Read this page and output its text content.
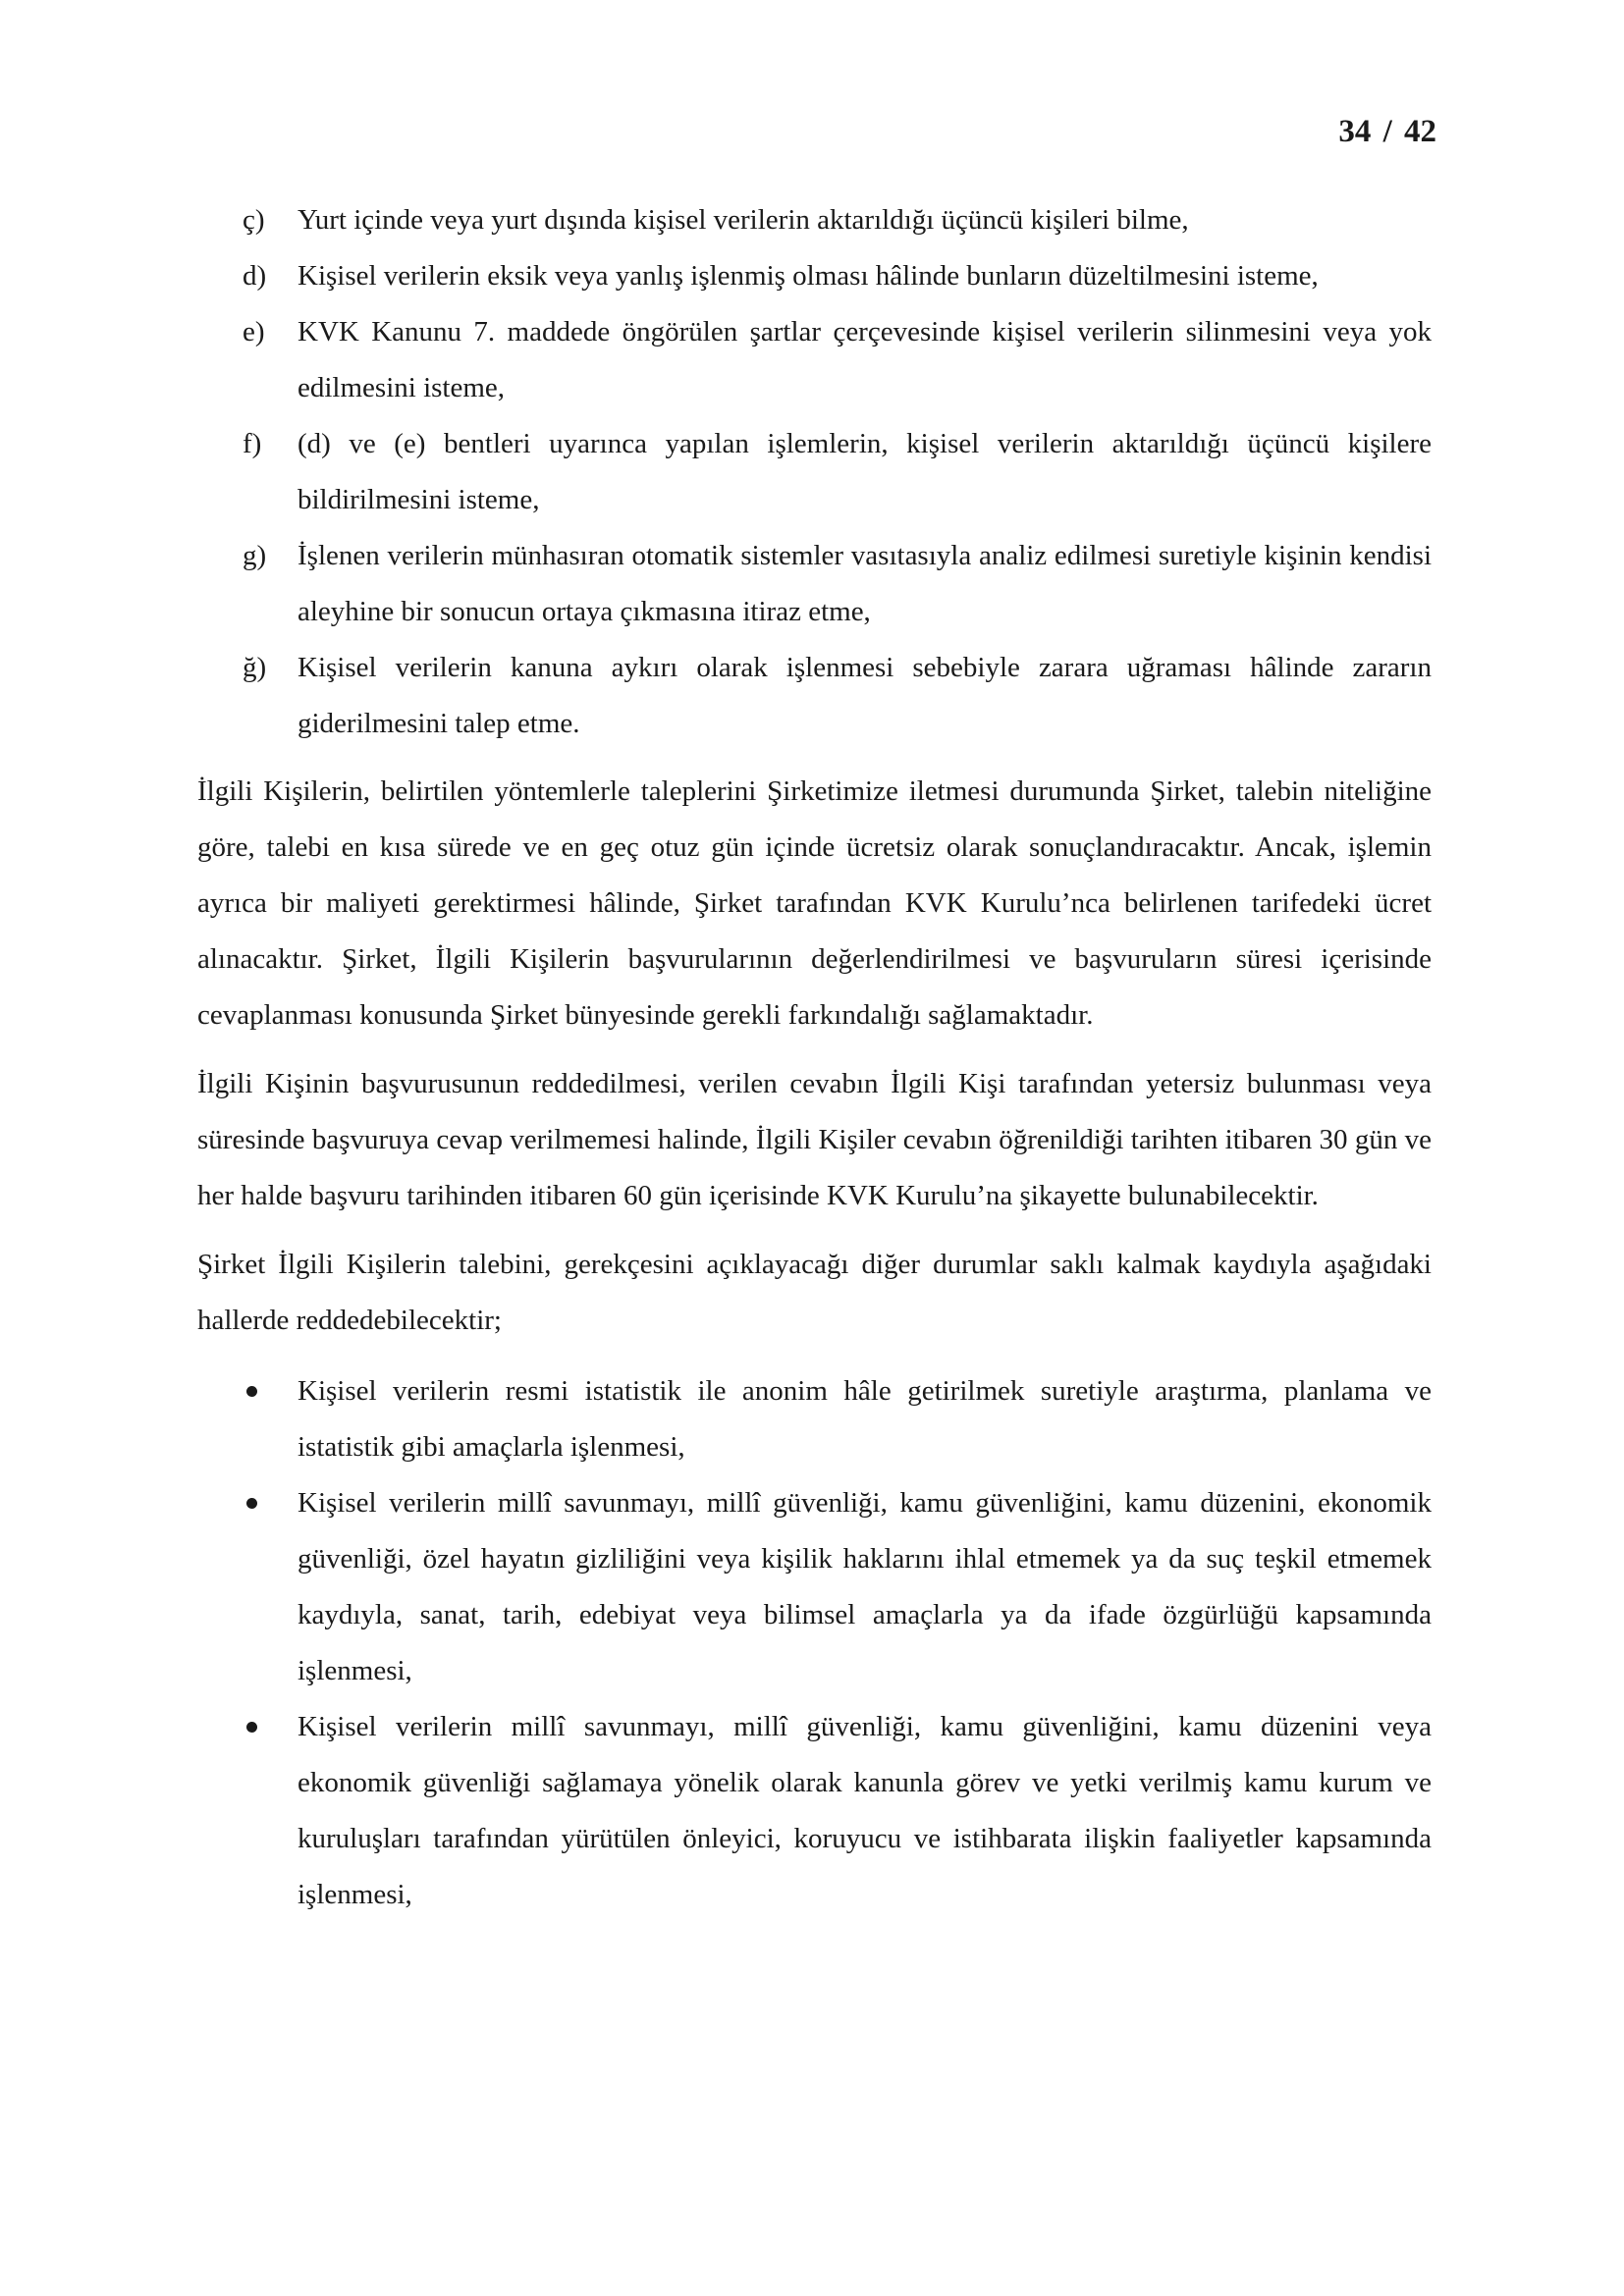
34 / 42
ç)	Yurt içinde veya yurt dışında kişisel verilerin aktarıldığı üçüncü kişileri bilme,
d)	Kişisel verilerin eksik veya yanlış işlenmiş olması hâlinde bunların düzeltilmesini isteme,
e)	KVK Kanunu 7. maddede öngörülen şartlar çerçevesinde kişisel verilerin silinmesini veya yok edilmesini isteme,
f)	(d) ve (e) bentleri uyarınca yapılan işlemlerin, kişisel verilerin aktarıldığı üçüncü kişilere bildirilmesini isteme,
g)	İşlenen verilerin münhasıran otomatik sistemler vasıtasıyla analiz edilmesi suretiyle kişinin kendisi aleyhine bir sonucun ortaya çıkmasına itiraz etme,
ğ)	Kişisel verilerin kanuna aykırı olarak işlenmesi sebebiyle zarara uğraması hâlinde zararın giderilmesini talep etme.

İlgili Kişilerin, belirtilen yöntemlerle taleplerini Şirketimize iletmesi durumunda Şirket, talebin niteliğine göre, talebi en kısa sürede ve en geç otuz gün içinde ücretsiz olarak sonuçlandıracaktır. Ancak, işlemin ayrıca bir maliyeti gerektirmesi hâlinde, Şirket tarafından KVK Kurulu’nca belirlenen tarifedeki ücret alınacaktır. Şirket, İlgili Kişilerin başvurularının değerlendirilmesi ve başvuruların süresi içerisinde cevaplanması konusunda Şirket bünyesinde gerekli farkındalığı sağlamaktadır.

İlgili Kişinin başvurusunun reddedilmesi, verilen cevabın İlgili Kişi tarafından yetersiz bulunması veya süresinde başvuruya cevap verilmemesi halinde, İlgili Kişiler cevabın öğrenildiği tarihten itibaren 30 gün ve her halde başvuru tarihinden itibaren 60 gün içerisinde KVK Kurulu’na şikayette bulunabilecektir.

Şirket İlgili Kişilerin talebini, gerekçesini açıklayacağı diğer durumlar saklı kalmak kaydıyla aşağıdaki hallerde reddedebilecektir;

Kişisel verilerin resmi istatistik ile anonim hâle getirilmek suretiyle araştırma, planlama ve istatistik gibi amaçlarla işlenmesi,
Kişisel verilerin millî savunmayı, millî güvenliği, kamu güvenliğini, kamu düzenini, ekonomik güvenliği, özel hayatın gizliliğini veya kişilik haklarını ihlal etmemek ya da suç teşkil etmemek kaydıyla, sanat, tarih, edebiyat veya bilimsel amaçlarla ya da ifade özgürlüğü kapsamında işlenmesi,
Kişisel verilerin millî savunmayı, millî güvenliği, kamu güvenliğini, kamu düzenini veya ekonomik güvenliği sağlamaya yönelik olarak kanunla görev ve yetki verilmiş kamu kurum ve kuruluşları tarafından yürütülen önleyici, koruyucu ve istihbarata ilişkin faaliyetler kapsamında işlenmesi,
